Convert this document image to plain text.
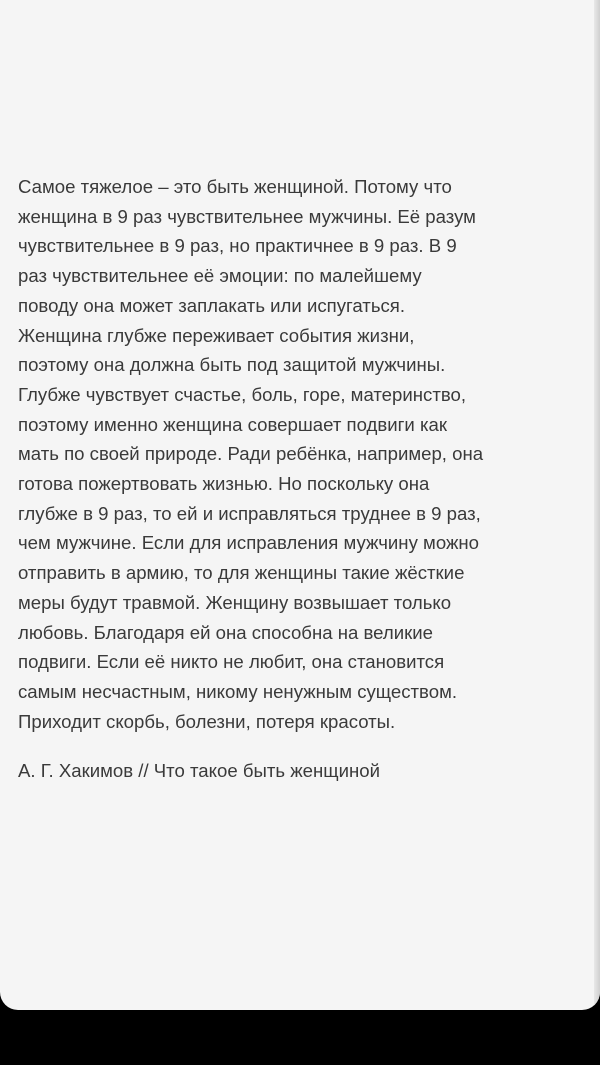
Самое тяжелое – это быть женщиной. Потому что
женщина в 9 раз чувствительнее мужчины. Её разум
чувствительнее в 9 раз, но практичнее в 9 раз. В 9
раз чувствительнее её эмоции: по малейшему
поводу она может заплакать или испугаться.
Женщина глубже переживает события жизни,
поэтому она должна быть под защитой мужчины.
Глубже чувствует счастье, боль, горе, материнство,
поэтому именно женщина совершает подвиги как
мать по своей природе. Ради ребёнка, например, она
готова пожертвовать жизнью. Но поскольку она
глубже в 9 раз, то ей и исправляться труднее в 9 раз,
чем мужчине. Если для исправления мужчину можно
отправить в армию, то для женщины такие жёсткие
меры будут травмой. Женщину возвышает только
любовь. Благодаря ей она способна на великие
подвиги. Если её никто не любит, она становится
самым несчастным, никому ненужным существом.
Приходит скорбь, болезни, потеря красоты.

А. Г. Хакимов // Что такое быть женщиной
